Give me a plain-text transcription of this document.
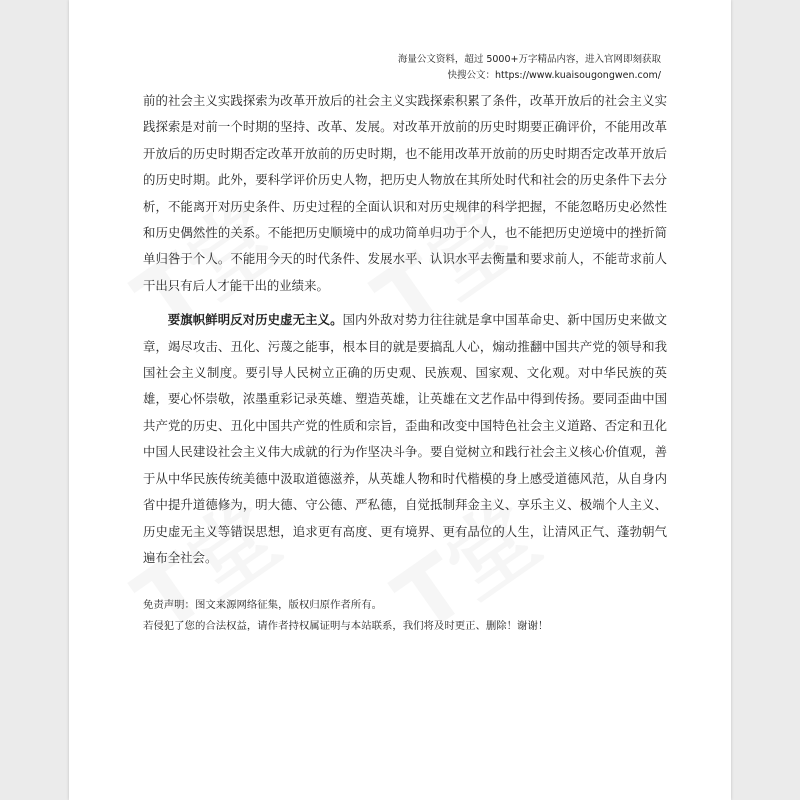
海量公文资料，超过 5000+万字精品内容，进入官网即刻获取
快搜公文：https://www.kuaisougongwen.com/

前的社会主义实践探索为改革开放后的社会主义实践探索积累了条件，改革开放后的社会主义实践探索是对前一个时期的坚持、改革、发展。对改革开放前的历史时期要正确评价，不能用改革开放后的历史时期否定改革开放前的历史时期，也不能用改革开放前的历史时期否定改革开放后的历史时期。此外，要科学评价历史人物，把历史人物放在其所处时代和社会的历史条件下去分析，不能离开对历史条件、历史过程的全面认识和对历史规律的科学把握，不能忽略历史必然性和历史偶然性的关系。不能把历史顺境中的成功简单归功于个人，也不能把历史逆境中的挫折简单归咎于个人。不能用今天的时代条件、发展水平、认识水平去衡量和要求前人，不能苛求前人干出只有后人才能干出的业绩来。

要旗帜鲜明反对历史虚无主义。国内外敌对势力往往就是拿中国革命史、新中国历史来做文章，竭尽攻击、丑化、污蔑之能事，根本目的就是要搞乱人心，煽动推翻中国共产党的领导和我国社会主义制度。要引导人民树立正确的历史观、民族观、国家观、文化观。对中华民族的英雄，要心怀崇敬，浓墨重彩记录英雄、塑造英雄，让英雄在文艺作品中得到传扬。要同歪曲中国共产党的历史、丑化中国共产党的性质和宗旨，歪曲和改变中国特色社会主义道路、否定和丑化中国人民建设社会主义伟大成就的行为作坚决斗争。要自觉树立和践行社会主义核心价值观，善于从中华民族传统美德中汲取道德滋养，从英雄人物和时代楷模的身上感受道德风范，从自身内省中提升道德修为，明大德、守公德、严私德，自觉抵制拜金主义、享乐主义、极端个人主义、历史虚无主义等错误思想，追求更有高度、更有境界、更有品位的人生，让清风正气、蓬勃朝气遍布全社会。

免责声明：图文来源网络征集，版权归原作者所有。
若侵犯了您的合法权益，请作者持权属证明与本站联系，我们将及时更正、删除！谢谢！
